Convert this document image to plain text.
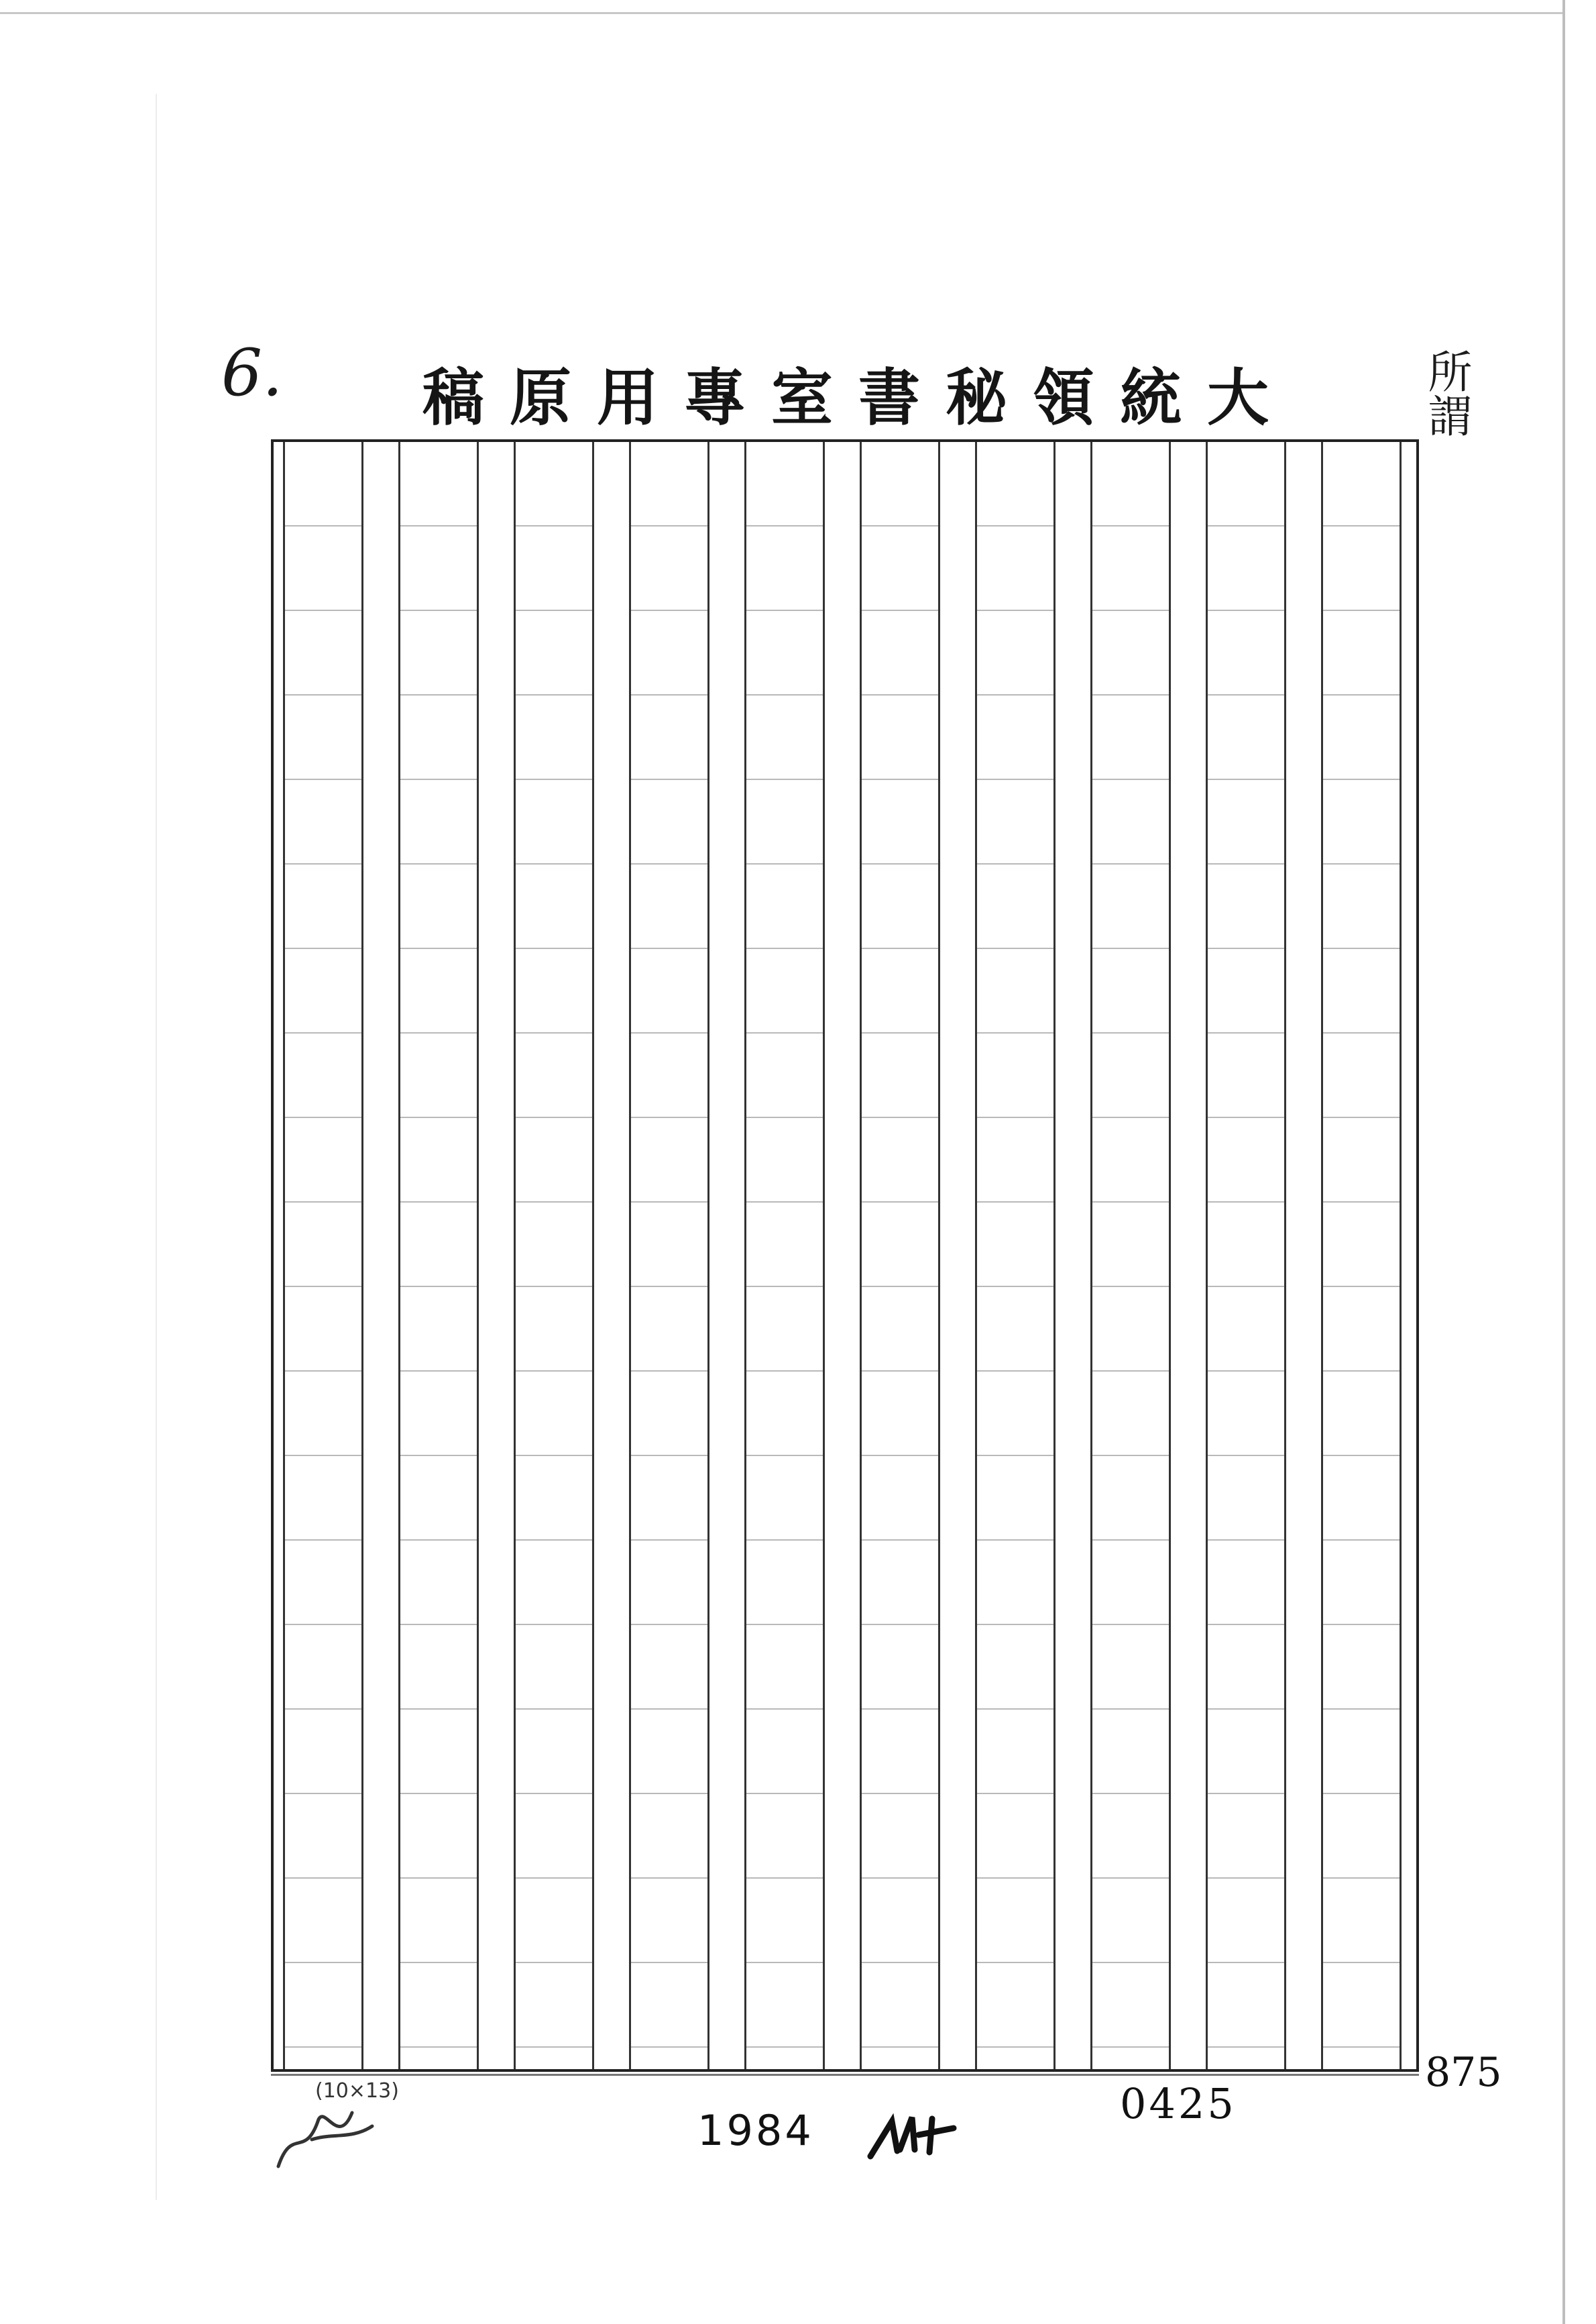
6. 稿原用專室書秘領統大	所謂
(10×13)
1984
0425
875
